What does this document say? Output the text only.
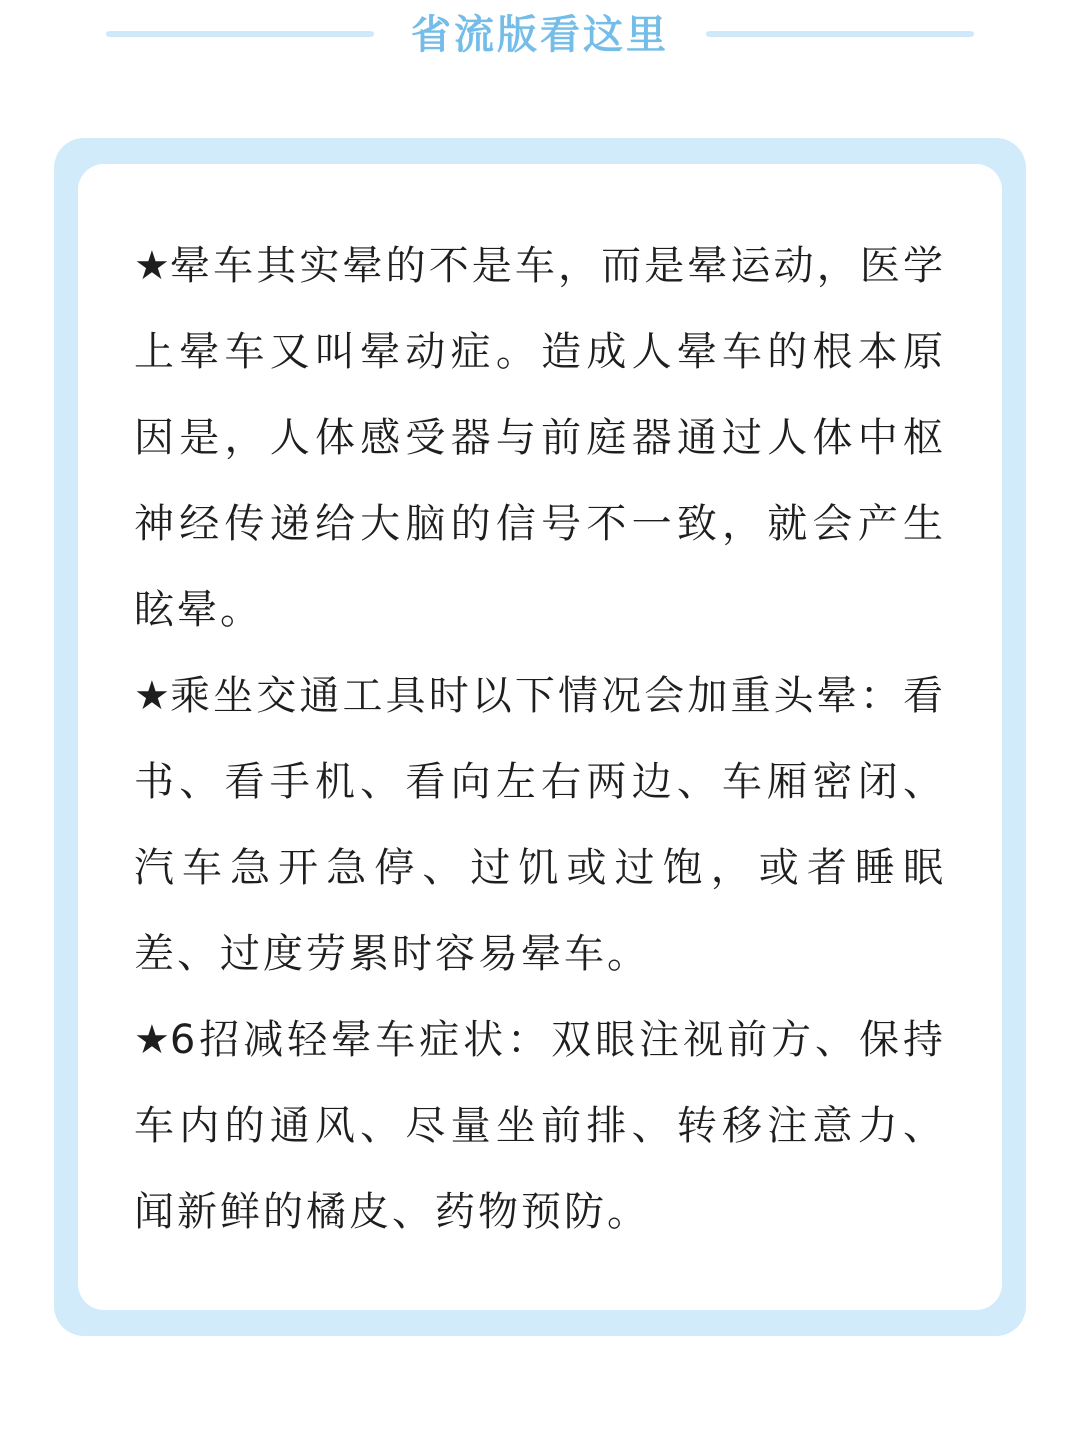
省流版看这里

★晕车其实晕的不是车，而是晕运动，医学上晕车又叫晕动症。造成人晕车的根本原因是，人体感受器与前庭器通过人体中枢神经传递给大脑的信号不一致，就会产生眩晕。

★乘坐交通工具时以下情况会加重头晕：看书、看手机、看向左右两边、车厢密闭、汽车急开急停、过饥或过饱，或者睡眠差、过度劳累时容易晕车。

★6招减轻晕车症状：双眼注视前方、保持车内的通风、尽量坐前排、转移注意力、闻新鲜的橘皮、药物预防。
